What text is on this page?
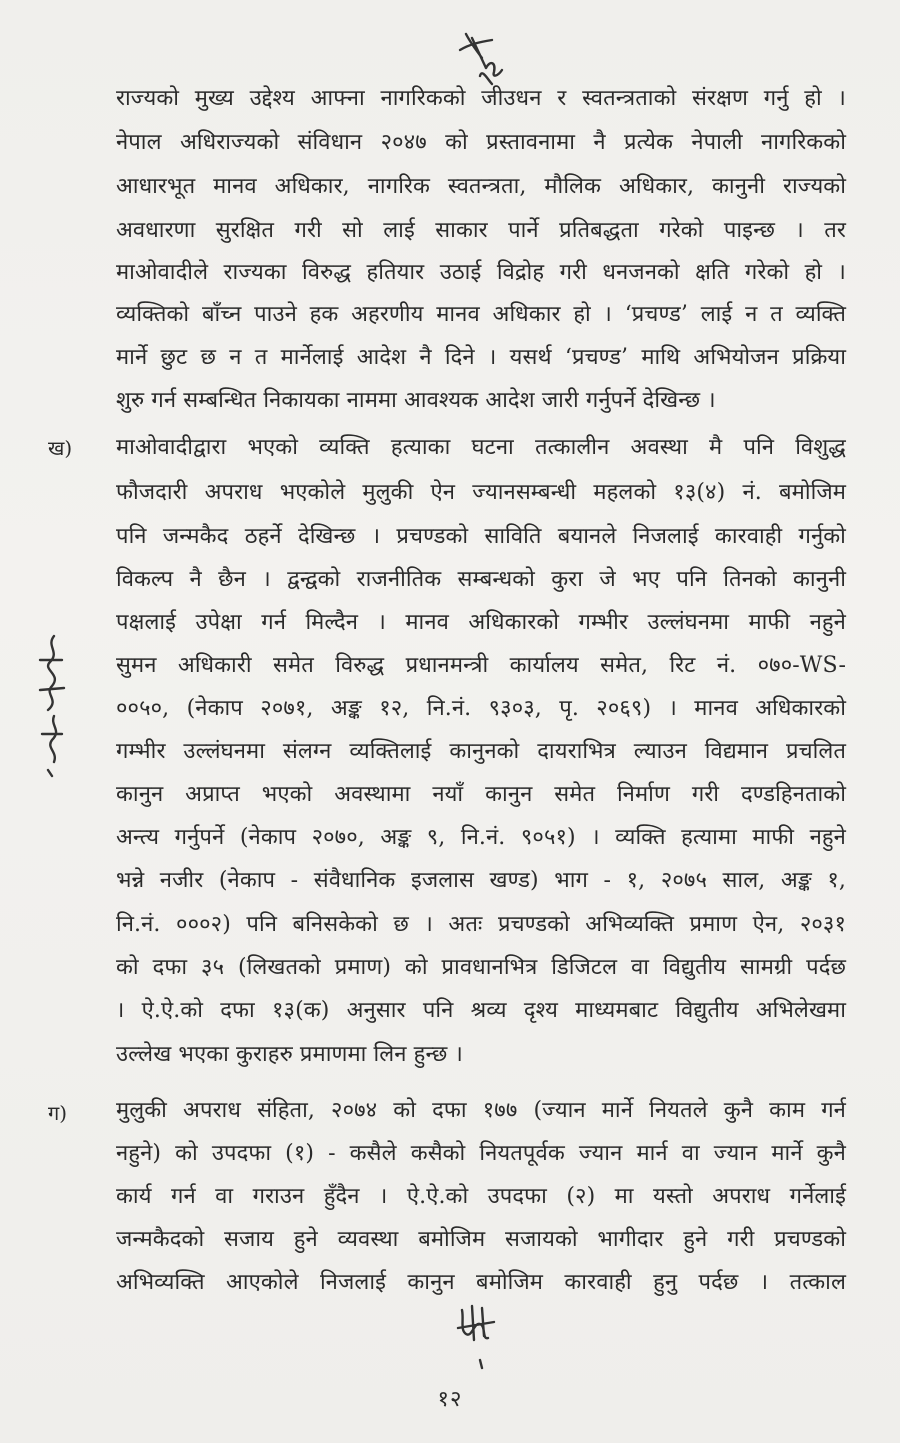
राज्यको मुख्य उद्देश्य आफ्ना नागरिकको जीउधन र स्वतन्त्रताको संरक्षण गर्नु हो ।
नेपाल अधिराज्यको संविधान २०४७ को प्रस्तावनामा नै प्रत्येक नेपाली नागरिकको
आधारभूत मानव अधिकार, नागरिक स्वतन्त्रता, मौलिक अधिकार, कानुनी राज्यको
अवधारणा सुरक्षित गरी सो लाई साकार पार्ने प्रतिबद्धता गरेको पाइन्छ । तर
माओवादीले राज्यका विरुद्ध हतियार उठाई विद्रोह गरी धनजनको क्षति गरेको हो ।
व्यक्तिको बाँच्न पाउने हक अहरणीय मानव अधिकार हो । ‘प्रचण्ड’ लाई न त व्यक्ति
मार्ने छुट छ न त मार्नेलाई आदेश नै दिने । यसर्थ ‘प्रचण्ड’ माथि अभियोजन प्रक्रिया
शुरु गर्न सम्बन्धित निकायका नाममा आवश्यक आदेश जारी गर्नुपर्ने देखिन्छ ।
ख) माओवादीद्वारा भएको व्यक्ति हत्याका घटना तत्कालीन अवस्था मै पनि विशुद्ध
फौजदारी अपराध भएकोले मुलुकी ऐन ज्यानसम्बन्धी महलको १३(४) नं. बमोजिम
पनि जन्मकैद ठहर्ने देखिन्छ । प्रचण्डको साविति बयानले निजलाई कारवाही गर्नुको
विकल्प नै छैन । द्वन्द्वको राजनीतिक सम्बन्धको कुरा जे भए पनि तिनको कानुनी
पक्षलाई उपेक्षा गर्न मिल्दैन । मानव अधिकारको गम्भीर उल्लंघनमा माफी नहुने
सुमन अधिकारी समेत विरुद्ध प्रधानमन्त्री कार्यालय समेत, रिट नं. ०७०-WS-
००५०, (नेकाप २०७१, अङ्क १२, नि.नं. ९३०३, पृ. २०६९) । मानव अधिकारको
गम्भीर उल्लंघनमा संलग्न व्यक्तिलाई कानुनको दायराभित्र ल्याउन विद्यमान प्रचलित
कानुन अप्राप्त भएको अवस्थामा नयाँ कानुन समेत निर्माण गरी दण्डहिनताको
अन्त्य गर्नुपर्ने (नेकाप २०७०, अङ्क ९, नि.नं. ९०५१) । व्यक्ति हत्यामा माफी नहुने
भन्ने नजीर (नेकाप - संवैधानिक इजलास खण्ड) भाग - १, २०७५ साल, अङ्क १,
नि.नं. ०००२) पनि बनिसकेको छ । अतः प्रचण्डको अभिव्यक्ति प्रमाण ऐन, २०३१
को दफा ३५ (लिखतको प्रमाण) को प्रावधानभित्र डिजिटल वा विद्युतीय सामग्री पर्दछ
। ऐ.ऐ.को दफा १३(क) अनुसार पनि श्रव्य दृश्य माध्यमबाट विद्युतीय अभिलेखमा
उल्लेख भएका कुराहरु प्रमाणमा लिन हुन्छ ।
ग) मुलुकी अपराध संहिता, २०७४ को दफा १७७ (ज्यान मार्ने नियतले कुनै काम गर्न
नहुने) को उपदफा (१) - कसैले कसैको नियतपूर्वक ज्यान मार्न वा ज्यान मार्ने कुनै
कार्य गर्न वा गराउन हुँदैन । ऐ.ऐ.को उपदफा (२) मा यस्तो अपराध गर्नेलाई
जन्मकैदको सजाय हुने व्यवस्था बमोजिम सजायको भागीदार हुने गरी प्रचण्डको
अभिव्यक्ति आएकोले निजलाई कानुन बमोजिम कारवाही हुनु पर्दछ । तत्काल
१२
